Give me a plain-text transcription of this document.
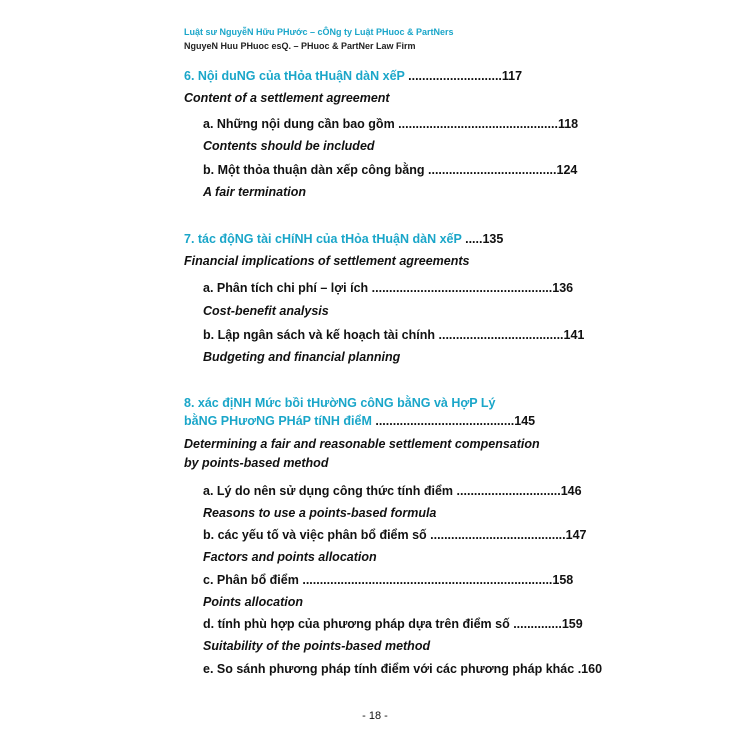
Luật sư NguyễN Hữu PHước – cÔNg ty Luật PHuoc & PartNers
NguyeN Huu PHuoc esQ. – PHuoc & PartNer Law Firm
6. Nội duNG của tHỏa tHuậN dàN xếP ...........................117
Content of a settlement agreement
a. Những nội dung cần bao gồm ..............................................118
Contents should be included
b. Một thỏa thuận dàn xếp công bằng .....................................124
A fair termination
7. tác độNG tài cHíNH của tHỏa tHuậN dàN xếP .....135
Financial implications of settlement agreements
a. Phân tích chi phí – lợi ích ....................................................136
Cost-benefit analysis
b. Lập ngân sách và kế hoạch tài chính ....................................141
Budgeting and financial planning
8. xác địNH Mức bồi tHườNG côNG bằNG và HợP Lý
bằNG PHươNG PHáP tíNH điểM ........................................145
Determining a fair and reasonable settlement compensation
by points-based method
a. Lý do nên sử dụng công thức tính điểm ..............................146
Reasons to use a points-based formula
b. các yếu tố và việc phân bổ điểm số .......................................147
Factors and points allocation
c. Phân bổ điểm ........................................................................158
Points allocation
d. tính phù hợp của phương pháp dựa trên điểm số ..............159
Suitability of the points-based method
e. So sánh phương pháp tính điểm với các phương pháp khác .160
- 18 -
